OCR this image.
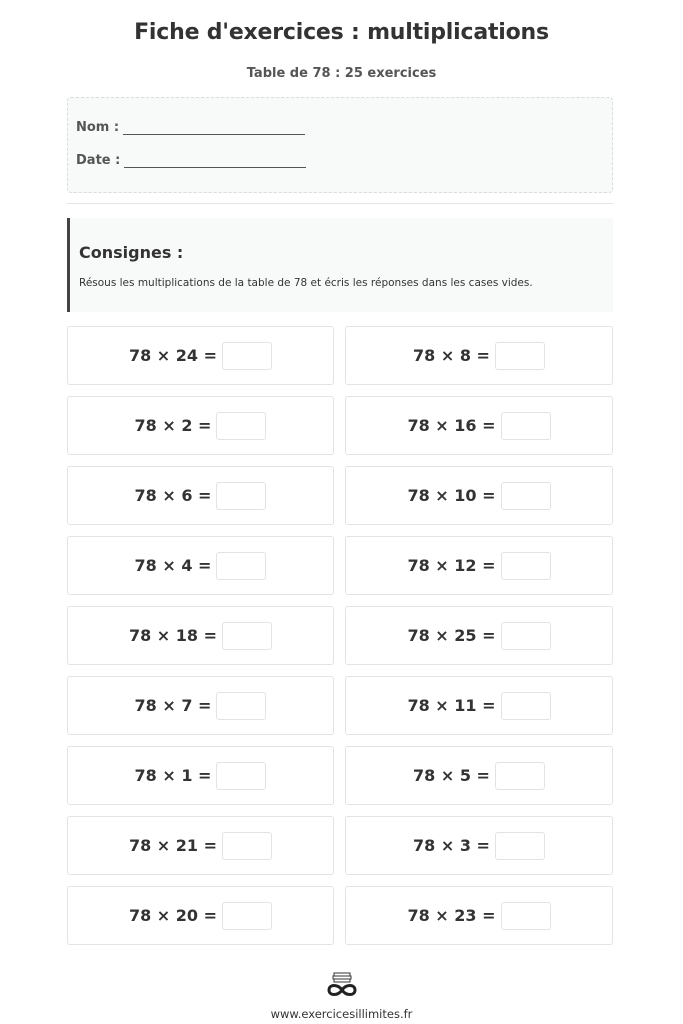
Fiche d'exercices : multiplications
Table de 78 : 25 exercices
Nom :
Date :
Consignes :
Résous les multiplications de la table de 78 et écris les réponses dans les cases vides.
78 × 24 =	78 × 8 =
78 × 2 =	78 × 16 =
78 × 6 =	78 × 10 =
78 × 4 =	78 × 12 =
78 × 18 =	78 × 25 =
78 × 7 =	78 × 11 =
78 × 1 =	78 × 5 =
78 × 21 =	78 × 3 =
78 × 20 =	78 × 23 =
www.exercicesillimites.fr
